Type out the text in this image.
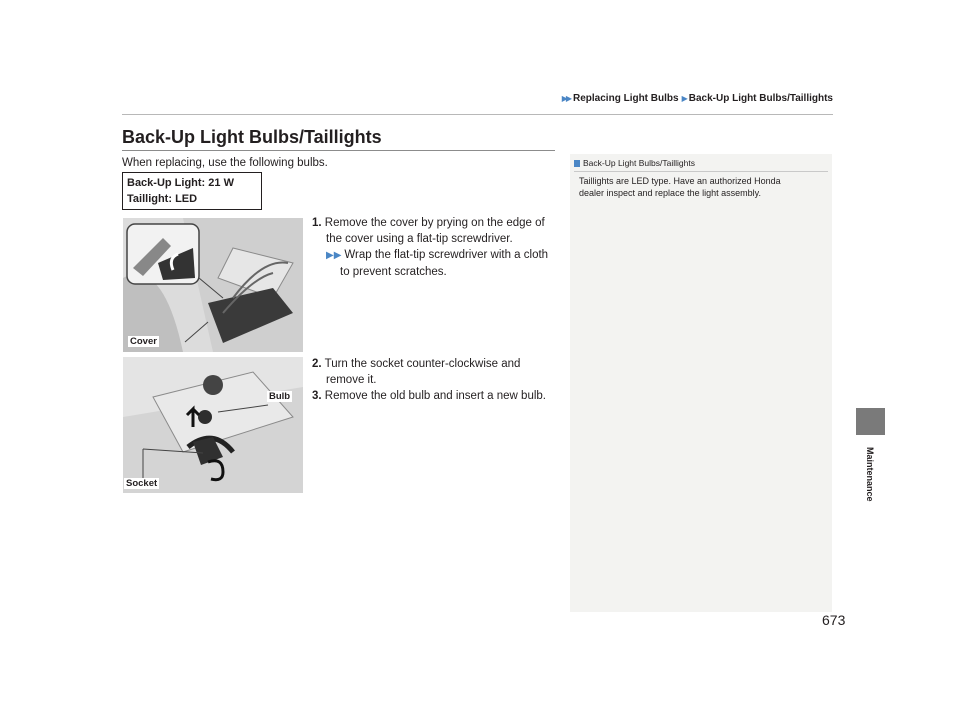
▶▶ Replacing Light Bulbs ▶ Back-Up Light Bulbs/Taillights
Back-Up Light Bulbs/Taillights
When replacing, use the following bulbs.
Back-Up Light: 21 W
Taillight: LED
Cover
1. Remove the cover by prying on the edge of
the cover using a flat-tip screwdriver.
▶▶ Wrap the flat-tip screwdriver with a cloth
to prevent scratches.
Bulb
Socket
2. Turn the socket counter-clockwise and
remove it.
3. Remove the old bulb and insert a new bulb.
Back-Up Light Bulbs/Taillights
Taillights are LED type. Have an authorized Honda
dealer inspect and replace the light assembly.
Maintenance
673
